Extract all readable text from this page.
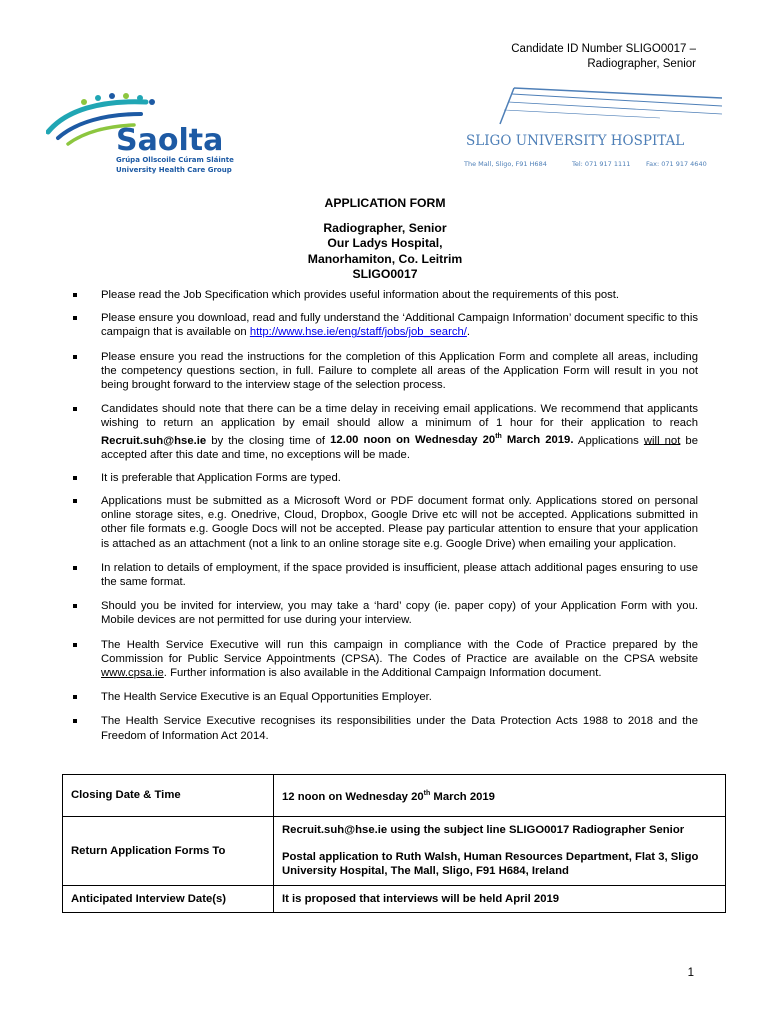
Candidate ID Number SLIGO0017 –
Radiographer, Senior
Saolta
Grúpa Ollscoile Cúram Sláinte
University Health Care Group
SLIGO UNIVERSITY HOSPITAL
The Mall, Sligo, F91 H684	Tel: 071 917 1111 Fax: 071 917 4640
APPLICATION FORM
Radiographer, Senior
Our Ladys Hospital,
Manorhamiton, Co. Leitrim
SLIGO0017
Please read the Job Specification which provides useful information about the requirements of this post.
Please ensure you download, read and fully understand the ‘Additional Campaign Information’ document specific to this campaign that is available on http://www.hse.ie/eng/staff/jobs/job_search/.
Please ensure you read the instructions for the completion of this Application Form and complete all areas, including the competency questions section, in full. Failure to complete all areas of the Application Form will result in you not being brought forward to the interview stage of the selection process.
Candidates should note that there can be a time delay in receiving email applications. We recommend that applicants wishing to return an application by email should allow a minimum of 1 hour for their application to reach Recruit.suh@hse.ie by the closing time of 12.00 noon on Wednesday 20th March 2019. Applications will not be accepted after this date and time, no exceptions will be made.
It is preferable that Application Forms are typed.
Applications must be submitted as a Microsoft Word or PDF document format only. Applications stored on personal online storage sites, e.g. Onedrive, Cloud, Dropbox, Google Drive etc will not be accepted. Applications submitted in other file formats e.g. Google Docs will not be accepted. Please pay particular attention to ensure that your application is attached as an attachment (not a link to an online storage site e.g. Google Drive) when emailing your application.
In relation to details of employment, if the space provided is insufficient, please attach additional pages ensuring to use the same format.
Should you be invited for interview, you may take a ‘hard’ copy (ie. paper copy) of your Application Form with you. Mobile devices are not permitted for use during your interview.
The Health Service Executive will run this campaign in compliance with the Code of Practice prepared by the Commission for Public Service Appointments (CPSA). The Codes of Practice are available on the CPSA website www.cpsa.ie. Further information is also available in the Additional Campaign Information document.
The Health Service Executive is an Equal Opportunities Employer.
The Health Service Executive recognises its responsibilities under the Data Protection Acts 1988 to 2018 and the Freedom of Information Act 2014.
Closing Date & Time	12 noon on Wednesday 20th March 2019
Return Application Forms To	Recruit.suh@hse.ie using the subject line SLIGO0017 Radiographer Senior
Postal application to Ruth Walsh, Human Resources Department, Flat 3, Sligo University Hospital, The Mall, Sligo, F91 H684, Ireland

Anticipated Interview Date(s)	It is proposed that interviews will be held April 2019
1
